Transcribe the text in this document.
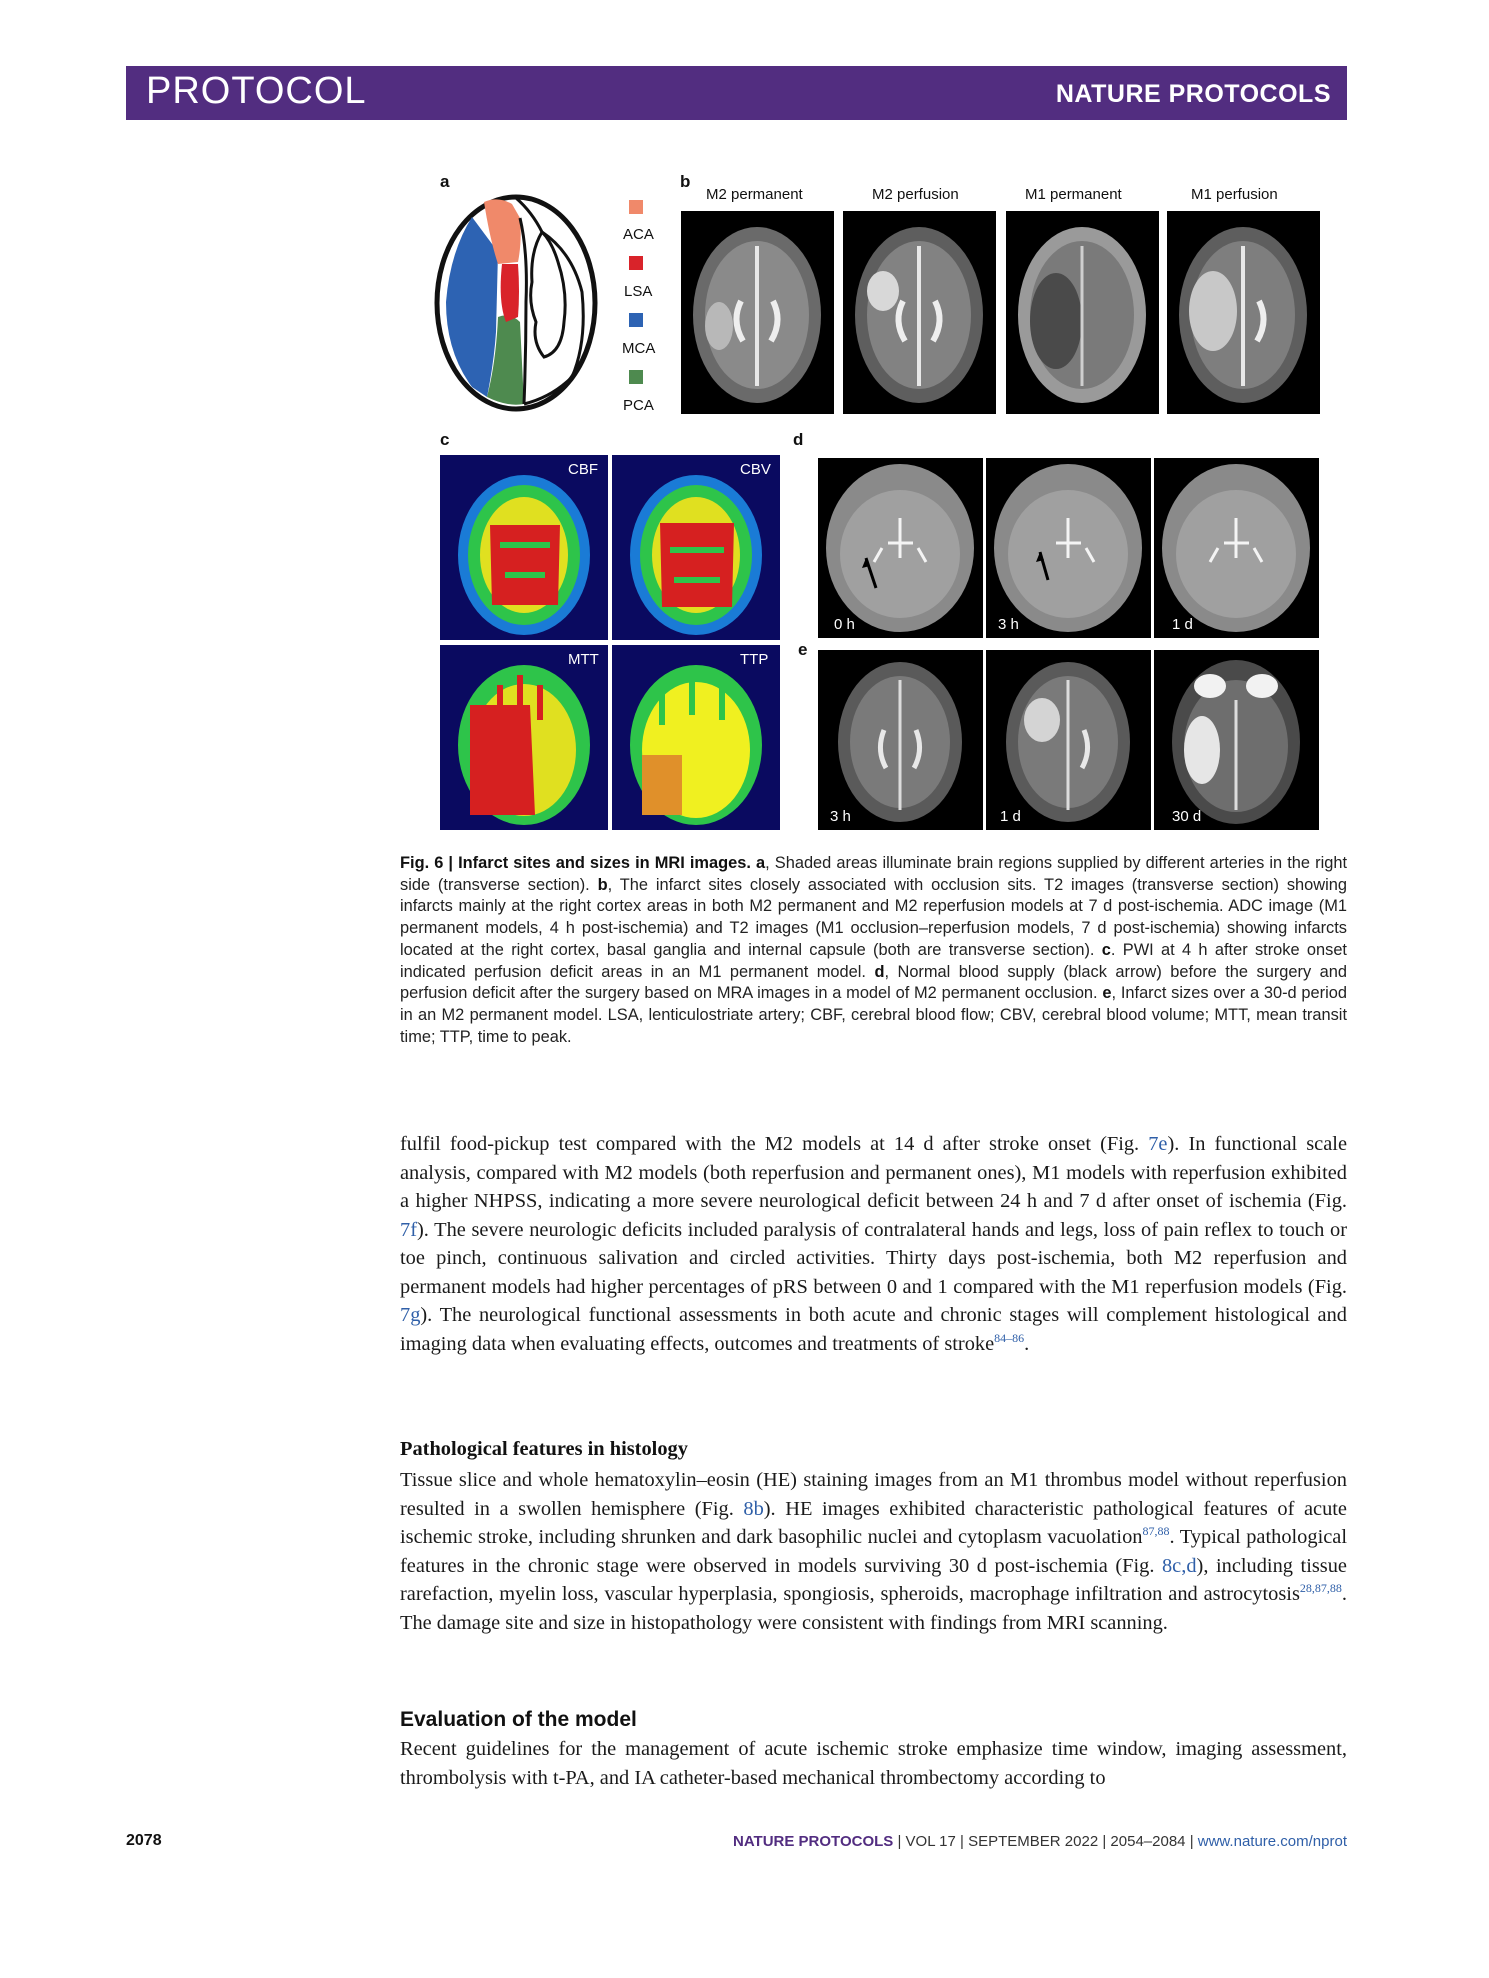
PROTOCOL	NATURE PROTOCOLS
a
ACA
LSA
MCA
PCA
b
M2 permanent	M2 perfusion	M1 permanent	M1 perfusion
c
CBF	CBV
MTT	TTP
d
0 h	3 h	1 d
e
3 h	1 d	30 d
Fig. 6 | Infarct sites and sizes in MRI images. a, Shaded areas illuminate brain regions supplied by different arteries in the right side (transverse section). b, The infarct sites closely associated with occlusion sits. T2 images (transverse section) showing infarcts mainly at the right cortex areas in both M2 permanent and M2 reperfusion models at 7 d post-ischemia. ADC image (M1 permanent models, 4 h post-ischemia) and T2 images (M1 occlusion–reperfusion models, 7 d post-ischemia) showing infarcts located at the right cortex, basal ganglia and internal capsule (both are transverse section). c. PWI at 4 h after stroke onset indicated perfusion deficit areas in an M1 permanent model. d, Normal blood supply (black arrow) before the surgery and perfusion deficit after the surgery based on MRA images in a model of M2 permanent occlusion. e, Infarct sizes over a 30-d period in an M2 permanent model. LSA, lenticulostriate artery; CBF, cerebral blood flow; CBV, cerebral blood volume; MTT, mean transit time; TTP, time to peak.
fulfil food-pickup test compared with the M2 models at 14 d after stroke onset (Fig. 7e). In functional scale analysis, compared with M2 models (both reperfusion and permanent ones), M1 models with reperfusion exhibited a higher NHPSS, indicating a more severe neurological deficit between 24 h and 7 d after onset of ischemia (Fig. 7f). The severe neurologic deficits included paralysis of contralateral hands and legs, loss of pain reflex to touch or toe pinch, continuous salivation and circled activities. Thirty days post-ischemia, both M2 reperfusion and permanent models had higher percentages of pRS between 0 and 1 compared with the M1 reperfusion models (Fig. 7g). The neurological functional assessments in both acute and chronic stages will complement histological and imaging data when evaluating effects, outcomes and treatments of stroke$^{84-86}$.
Pathological features in histology
Tissue slice and whole hematoxylin–eosin (HE) staining images from an M1 thrombus model without reperfusion resulted in a swollen hemisphere (Fig. 8b). HE images exhibited characteristic pathological features of acute ischemic stroke, including shrunken and dark basophilic nuclei and cytoplasm vacuolation$^{87,88}$. Typical pathological features in the chronic stage were observed in models surviving 30 d post-ischemia (Fig. 8c,d), including tissue rarefaction, myelin loss, vascular hyperplasia, spongiosis, spheroids, macrophage infiltration and astrocytosis$^{28,87,88}$. The damage site and size in histopathology were consistent with findings from MRI scanning.
Evaluation of the model
Recent guidelines for the management of acute ischemic stroke emphasize time window, imaging assessment, thrombolysis with t-PA, and IA catheter-based mechanical thrombectomy according to
2078	NATURE PROTOCOLS | VOL 17 | SEPTEMBER 2022 | 2054–2084 | www.nature.com/nprot
